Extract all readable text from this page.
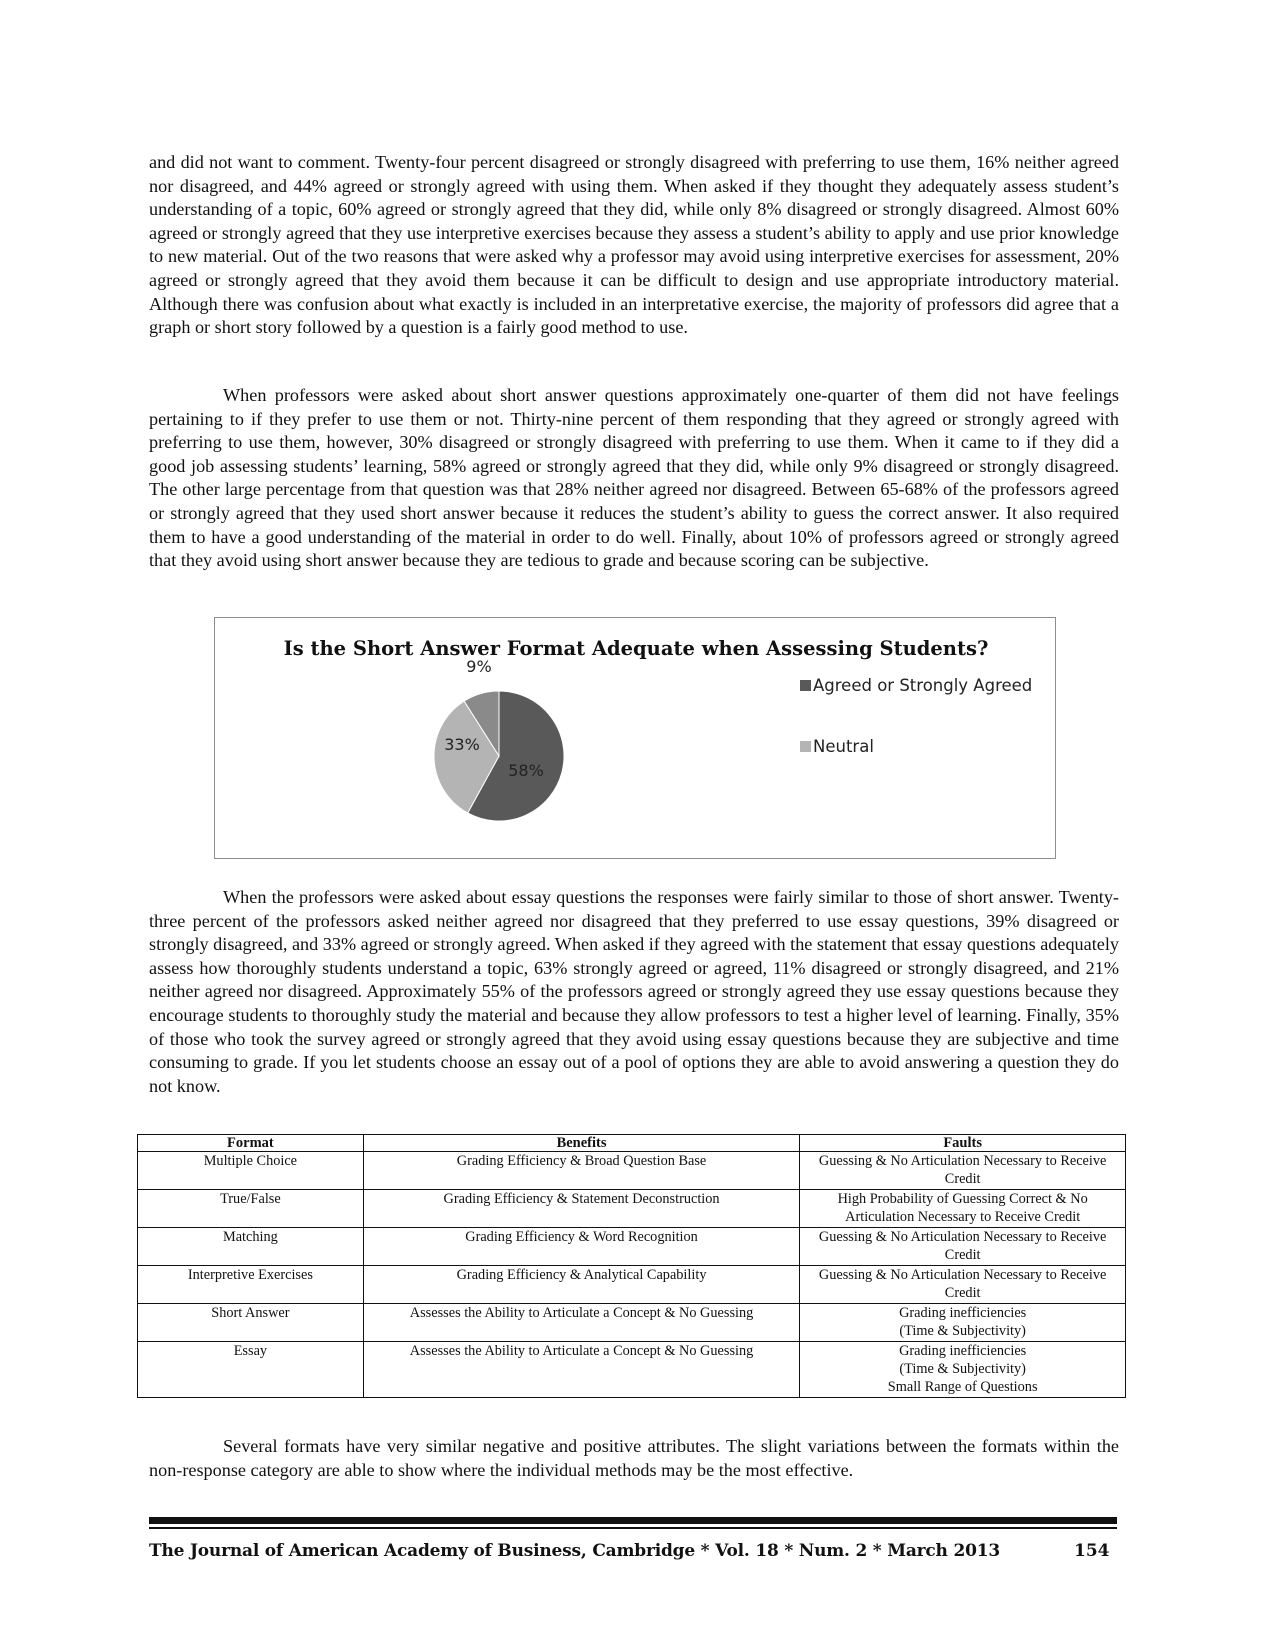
and did not want to comment. Twenty-four percent disagreed or strongly disagreed with preferring to use them, 16% neither agreed nor disagreed, and 44% agreed or strongly agreed with using them. When asked if they thought they adequately assess student’s understanding of a topic, 60% agreed or strongly agreed that they did, while only 8% disagreed or strongly disagreed. Almost 60% agreed or strongly agreed that they use interpretive exercises because they assess a student’s ability to apply and use prior knowledge to new material. Out of the two reasons that were asked why a professor may avoid using interpretive exercises for assessment, 20% agreed or strongly agreed that they avoid them because it can be difficult to design and use appropriate introductory material. Although there was confusion about what exactly is included in an interpretative exercise, the majority of professors did agree that a graph or short story followed by a question is a fairly good method to use.

When professors were asked about short answer questions approximately one-quarter of them did not have feelings pertaining to if they prefer to use them or not. Thirty-nine percent of them responding that they agreed or strongly agreed with preferring to use them, however, 30% disagreed or strongly disagreed with preferring to use them. When it came to if they did a good job assessing students’ learning, 58% agreed or strongly agreed that they did, while only 9% disagreed or strongly disagreed. The other large percentage from that question was that 28% neither agreed nor disagreed. Between 65-68% of the professors agreed or strongly agreed that they used short answer because it reduces the student’s ability to guess the correct answer. It also required them to have a good understanding of the material in order to do well. Finally, about 10% of professors agreed or strongly agreed that they avoid using short answer because they are tedious to grade and because scoring can be subjective.

Is the Short Answer Format Adequate when Assessing Students?
58%
33%
9%
Agreed or Strongly Agreed
Neutral

When the professors were asked about essay questions the responses were fairly similar to those of short answer. Twenty-three percent of the professors asked neither agreed nor disagreed that they preferred to use essay questions, 39% disagreed or strongly disagreed, and 33% agreed or strongly agreed. When asked if they agreed with the statement that essay questions adequately assess how thoroughly students understand a topic, 63% strongly agreed or agreed, 11% disagreed or strongly disagreed, and 21% neither agreed nor disagreed. Approximately 55% of the professors agreed or strongly agreed they use essay questions because they encourage students to thoroughly study the material and because they allow professors to test a higher level of learning. Finally, 35% of those who took the survey agreed or strongly agreed that they avoid using essay questions because they are subjective and time consuming to grade. If you let students choose an essay out of a pool of options they are able to avoid answering a question they do not know.

Format	Benefits	Faults
Multiple Choice	Grading Efficiency & Broad Question Base	Guessing & No Articulation Necessary to Receive Credit
True/False	Grading Efficiency & Statement Deconstruction	High Probability of Guessing Correct & No Articulation Necessary to Receive Credit
Matching	Grading Efficiency & Word Recognition	Guessing & No Articulation Necessary to Receive Credit
Interpretive Exercises	Grading Efficiency & Analytical Capability	Guessing & No Articulation Necessary to Receive Credit
Short Answer	Assesses the Ability to Articulate a Concept & No Guessing	Grading inefficiencies
(Time & Subjectivity)
Essay	Assesses the Ability to Articulate a Concept & No Guessing	Grading inefficiencies
(Time & Subjectivity)
Small Range of Questions

Several formats have very similar negative and positive attributes. The slight variations between the formats within the non-response category are able to show where the individual methods may be the most effective.

The Journal of American Academy of Business, Cambridge * Vol. 18 * Num. 2 * March 2013	154
